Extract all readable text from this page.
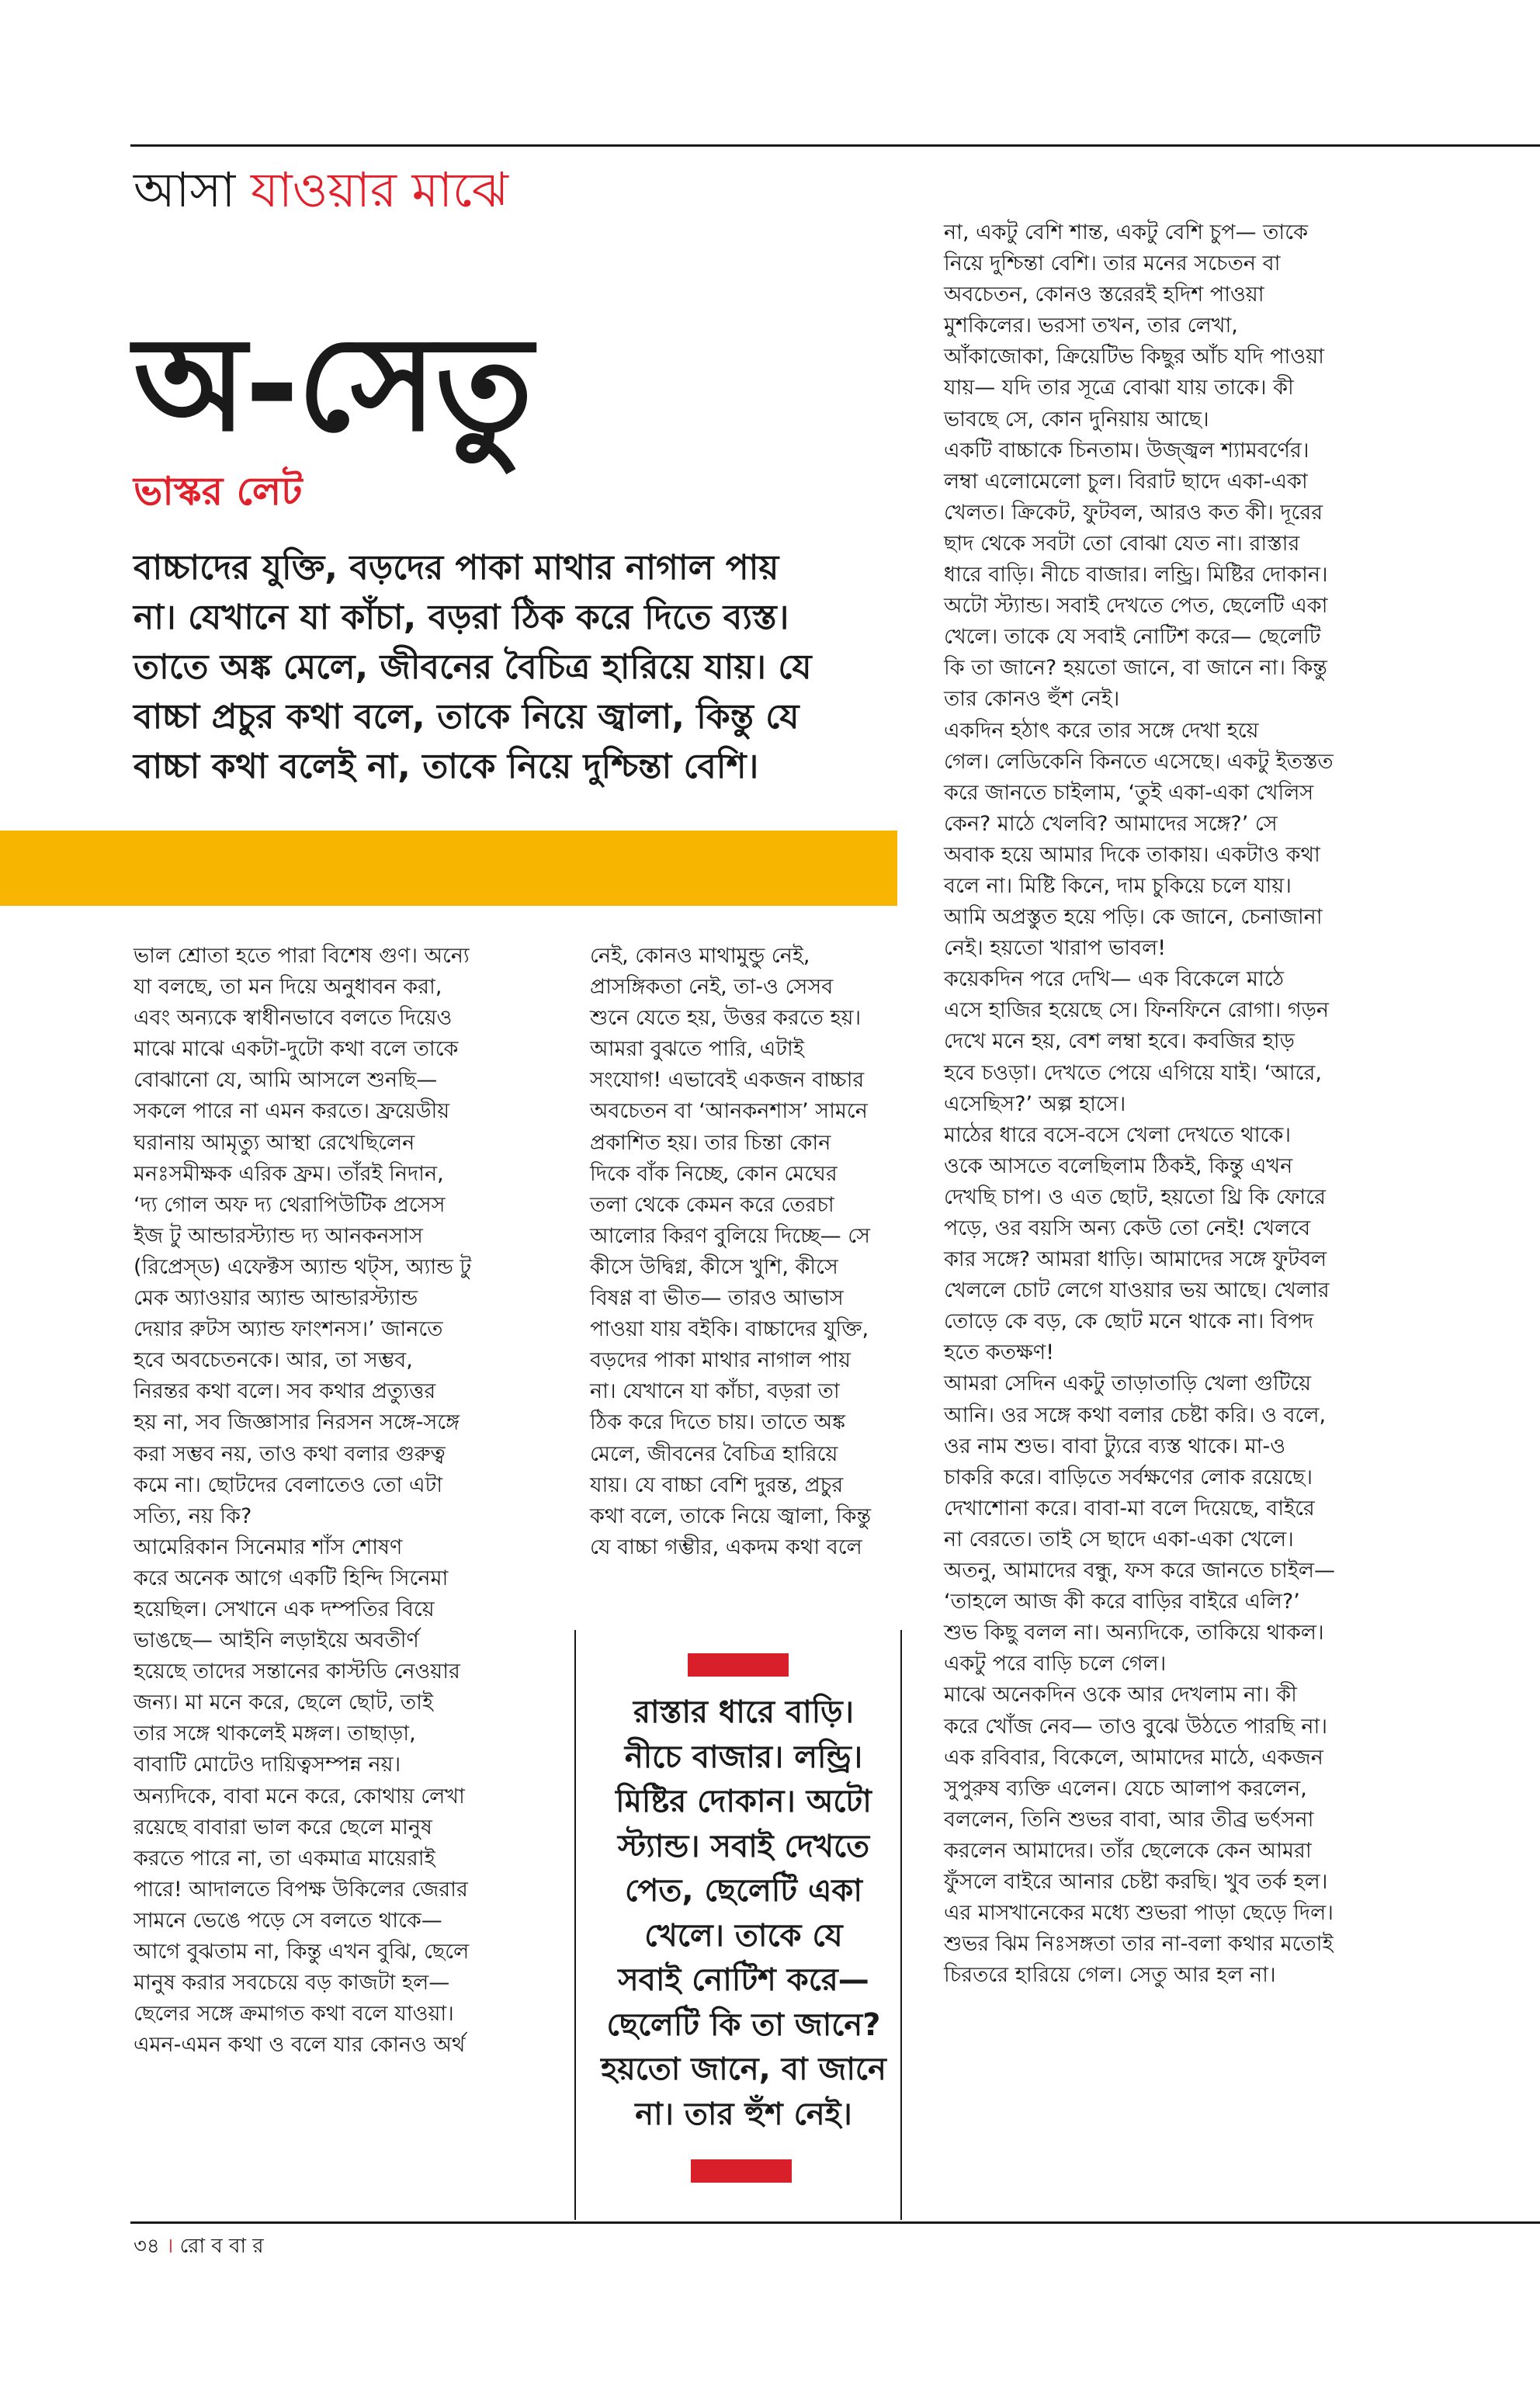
আসা যাওয়ার মাঝে
অ-সেতু
ভাস্কর লেট

বাচ্চাদের যুক্তি, বড়দের পাকা মাথার নাগাল পায়

না। যেখানে যা কাঁচা, বড়রা ঠিক করে দিতে ব্যস্ত।

তাতে অঙ্ক মেলে, জীবনের বৈচিত্র হারিয়ে যায়। যে

বাচ্চা প্রচুর কথা বলে, তাকে নিয়ে জ্বালা, কিন্তু যে

বাচ্চা কথা বলেই না, তাকে নিয়ে দুশ্চিন্তা বেশি।

ভাল শ্রোতা হতে পারা বিশেষ গুণ। অন্যে

যা বলছে, তা মন দিয়ে অনুধাবন করা,

এবং অন্যকে স্বাধীনভাবে বলতে দিয়েও

মাঝে মাঝে একটা-দুটো কথা বলে তাকে

বোঝানো যে, আমি আসলে শুনছি—

সকলে পারে না এমন করতে। ফ্রয়েডীয়

ঘরানায় আমৃত্যু আস্থা রেখেছিলেন

মনঃসমীক্ষক এরিক ফ্রম। তাঁরই নিদান,

‘দ্য গোল অফ দ্য থেরাপিউটিক প্রসেস

ইজ টু আন্ডারস্ট্যান্ড দ্য আনকনসাস

(রিপ্রেস্‌ড) এফেক্টস অ্যান্ড থট্‌স, অ্যান্ড টু

মেক অ্যাওয়ার অ্যান্ড আন্ডারস্ট্যান্ড

দেয়ার রুটস অ্যান্ড ফাংশনস।’ জানতে

হবে অবচেতনকে। আর, তা সম্ভব,

নিরন্তর কথা বলে। সব কথার প্রত্যুত্তর

হয় না, সব জিজ্ঞাসার নিরসন সঙ্গে-সঙ্গে

করা সম্ভব নয়, তাও কথা বলার গুরুত্ব

কমে না। ছোটদের বেলাতেও তো এটা

সত্যি, নয় কি?

আমেরিকান সিনেমার শাঁস শোষণ

করে অনেক আগে একটি হিন্দি সিনেমা

হয়েছিল। সেখানে এক দম্পতির বিয়ে

ভাঙছে— আইনি লড়াইয়ে অবতীর্ণ

হয়েছে তাদের সন্তানের কাস্টডি নেওয়ার

জন্য। মা মনে করে, ছেলে ছোট, তাই

তার সঙ্গে থাকলেই মঙ্গল। তাছাড়া,

বাবাটি মোটেও দায়িত্বসম্পন্ন নয়।

অন্যদিকে, বাবা মনে করে, কোথায় লেখা

রয়েছে বাবারা ভাল করে ছেলে মানুষ

করতে পারে না, তা একমাত্র মায়েরাই

পারে! আদালতে বিপক্ষ উকিলের জেরার

সামনে ভেঙে পড়ে সে বলতে থাকে—

আগে বুঝতাম না, কিন্তু এখন বুঝি, ছেলে

মানুষ করার সবচেয়ে বড় কাজটা হল—

ছেলের সঙ্গে ক্রমাগত কথা বলে যাওয়া।

এমন-এমন কথা ও বলে যার কোনও অর্থ

নেই, কোনও মাথামুন্ডু নেই,

প্রাসঙ্গিকতা নেই, তা-ও সেসব

শুনে যেতে হয়, উত্তর করতে হয়।

আমরা বুঝতে পারি, এটাই

সংযোগ! এভাবেই একজন বাচ্চার

অবচেতন বা ‘আনকনশাস’ সামনে

প্রকাশিত হয়। তার চিন্তা কোন

দিকে বাঁক নিচ্ছে, কোন মেঘের

তলা থেকে কেমন করে তেরচা

আলোর কিরণ বুলিয়ে দিচ্ছে— সে

কীসে উদ্বিগ্ন, কীসে খুশি, কীসে

বিষণ্ণ বা ভীত— তারও আভাস

পাওয়া যায় বইকি। বাচ্চাদের যুক্তি,

বড়দের পাকা মাথার নাগাল পায়

না। যেখানে যা কাঁচা, বড়রা তা

ঠিক করে দিতে চায়। তাতে অঙ্ক

মেলে, জীবনের বৈচিত্র হারিয়ে

যায়। যে বাচ্চা বেশি দুরন্ত, প্রচুর

কথা বলে, তাকে নিয়ে জ্বালা, কিন্তু

যে বাচ্চা গম্ভীর, একদম কথা বলে

না, একটু বেশি শান্ত, একটু বেশি চুপ— তাকে

নিয়ে দুশ্চিন্তা বেশি। তার মনের সচেতন বা

অবচেতন, কোনও স্তরেরই হদিশ পাওয়া

মুশকিলের। ভরসা তখন, তার লেখা,

আঁকাজোকা, ক্রিয়েটিভ কিছুর আঁচ যদি পাওয়া

যায়— যদি তার সূত্রে বোঝা যায় তাকে। কী

ভাবছে সে, কোন দুনিয়ায় আছে।

একটি বাচ্চাকে চিনতাম। উজ্জ্বল শ্যামবর্ণের।

লম্বা এলোমেলো চুল। বিরাট ছাদে একা-একা

খেলত। ক্রিকেট, ফুটবল, আরও কত কী। দূরের

ছাদ থেকে সবটা তো বোঝা যেত না। রাস্তার

ধারে বাড়ি। নীচে বাজার। লন্ড্রি। মিষ্টির দোকান।

অটো স্ট্যান্ড। সবাই দেখতে পেত, ছেলেটি একা

খেলে। তাকে যে সবাই নোটিশ করে— ছেলেটি

কি তা জানে? হয়তো জানে, বা জানে না। কিন্তু

তার কোনও হুঁশ নেই।

একদিন হঠাৎ করে তার সঙ্গে দেখা হয়ে

গেল। লেডিকেনি কিনতে এসেছে। একটু ইতস্তত

করে জানতে চাইলাম, ‘তুই একা-একা খেলিস

কেন? মাঠে খেলবি? আমাদের সঙ্গে?’ সে

অবাক হয়ে আমার দিকে তাকায়। একটাও কথা

বলে না। মিষ্টি কিনে, দাম চুকিয়ে চলে যায়।

আমি অপ্রস্তুত হয়ে পড়ি। কে জানে, চেনাজানা

নেই। হয়তো খারাপ ভাবল!

কয়েকদিন পরে দেখি— এক বিকেলে মাঠে

এসে হাজির হয়েছে সে। ফিনফিনে রোগা। গড়ন

দেখে মনে হয়, বেশ লম্বা হবে। কবজির হাড়

হবে চওড়া। দেখতে পেয়ে এগিয়ে যাই। ‘আরে,

এসেছিস?’ অল্প হাসে।

মাঠের ধারে বসে-বসে খেলা দেখতে থাকে।

ওকে আসতে বলেছিলাম ঠিকই, কিন্তু এখন

দেখছি চাপ। ও এত ছোট, হয়তো থ্রি কি ফোরে

পড়ে, ওর বয়সি অন্য কেউ তো নেই! খেলবে

কার সঙ্গে? আমরা ধাড়ি। আমাদের সঙ্গে ফুটবল

খেললে চোট লেগে যাওয়ার ভয় আছে। খেলার

তোড়ে কে বড়, কে ছোট মনে থাকে না। বিপদ

হতে কতক্ষণ!

আমরা সেদিন একটু তাড়াতাড়ি খেলা গুটিয়ে

আনি। ওর সঙ্গে কথা বলার চেষ্টা করি। ও বলে,

ওর নাম শুভ। বাবা ট্যুরে ব্যস্ত থাকে। মা-ও

চাকরি করে। বাড়িতে সর্বক্ষণের লোক রয়েছে।

দেখাশোনা করে। বাবা-মা বলে দিয়েছে, বাইরে

না বেরতে। তাই সে ছাদে একা-একা খেলে।

অতনু, আমাদের বন্ধু, ফস করে জানতে চাইল—

‘তাহলে আজ কী করে বাড়ির বাইরে এলি?’

শুভ কিছু বলল না। অন্যদিকে, তাকিয়ে থাকল।

একটু পরে বাড়ি চলে গেল।

মাঝে অনেকদিন ওকে আর দেখলাম না। কী

করে খোঁজ নেব— তাও বুঝে উঠতে পারছি না।

এক রবিবার, বিকেলে, আমাদের মাঠে, একজন

সুপুরুষ ব্যক্তি এলেন। যেচে আলাপ করলেন,

বললেন, তিনি শুভর বাবা, আর তীব্র ভর্ৎসনা

করলেন আমাদের। তাঁর ছেলেকে কেন আমরা

ফুঁসলে বাইরে আনার চেষ্টা করছি। খুব তর্ক হল।

এর মাসখানেকের মধ্যে শুভরা পাড়া ছেড়ে দিল।

শুভর ঝিম নিঃসঙ্গতা তার না-বলা কথার মতোই

চিরতরে হারিয়ে গেল। সেতু আর হল না।

রাস্তার ধারে বাড়ি।

নীচে বাজার। লন্ড্রি।

মিষ্টির দোকান। অটো

স্ট্যান্ড। সবাই দেখতে

পেত, ছেলেটি একা

খেলে। তাকে যে

সবাই নোটিশ করে—

ছেলেটি কি তা জানে?

হয়তো জানে, বা জানে

না। তার হুঁশ নেই।

৩৪ । রো ব বা র
